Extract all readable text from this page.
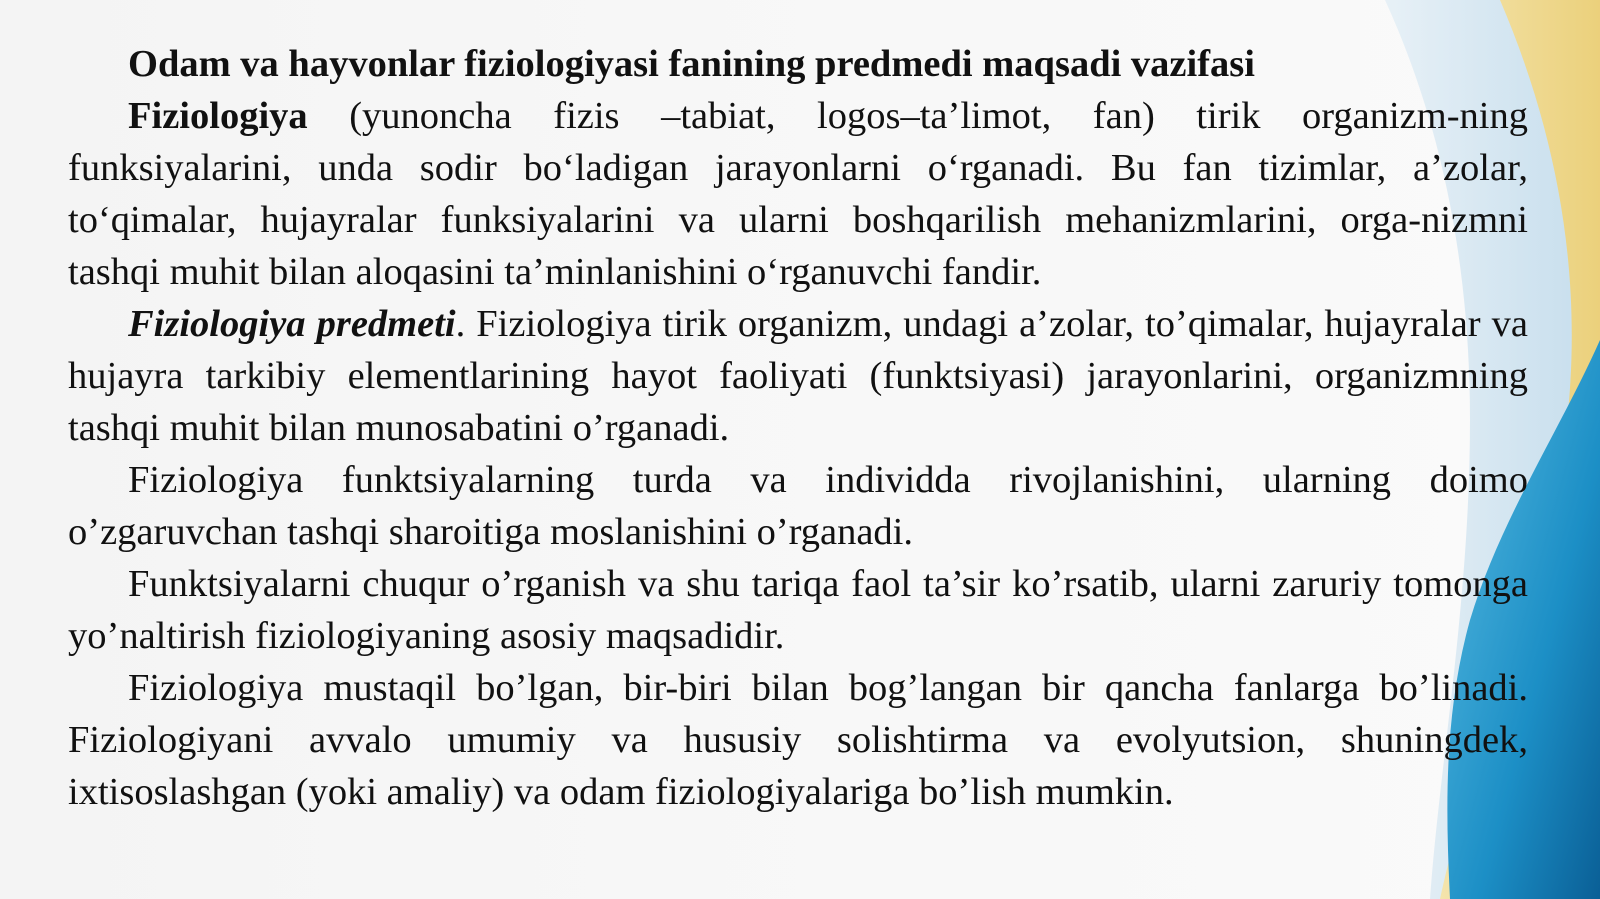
Odam va hayvonlar fiziologiyasi fanining predmedi maqsadi vazifasi

Fiziologiya (yunoncha fizis –tabiat, logos–ta’limot, fan) tirik organizm-ning funksiyalarini, unda sodir bo‘ladigan jarayonlarni o‘rganadi. Bu fan tizimlar, a’zolar, to‘qimalar, hujayralar funksiyalarini va ularni boshqarilish mehanizmlarini, orga-nizmni tashqi muhit bilan aloqasini ta’minlanishini o‘rganuvchi fandir.

Fiziologiya predmeti. Fiziologiya tirik organizm, undagi a’zolar, to’qimalar, hujayralar va hujayra tarkibiy elementlarining hayot faoliyati (funktsiyasi) jarayonlarini, organizmning tashqi muhit bilan munosabatini o’rganadi.

Fiziologiya funktsiyalarning turda va individda rivojlanishini, ularning doimo o’zgaruvchan tashqi sharoitiga moslanishini o’rganadi.

Funktsiyalarni chuqur o’rganish va shu tariqa faol ta’sir ko’rsatib, ularni zaruriy tomonga yo’naltirish fiziologiyaning asosiy maqsadidir.

Fiziologiya mustaqil bo’lgan, bir-biri bilan bog’langan bir qancha fanlarga bo’linadi. Fiziologiyani avvalo umumiy va hususiy solishtirma va evolyutsion, shuningdek, ixtisoslashgan (yoki amaliy) va odam fiziologiyalariga bo’lish mumkin.
